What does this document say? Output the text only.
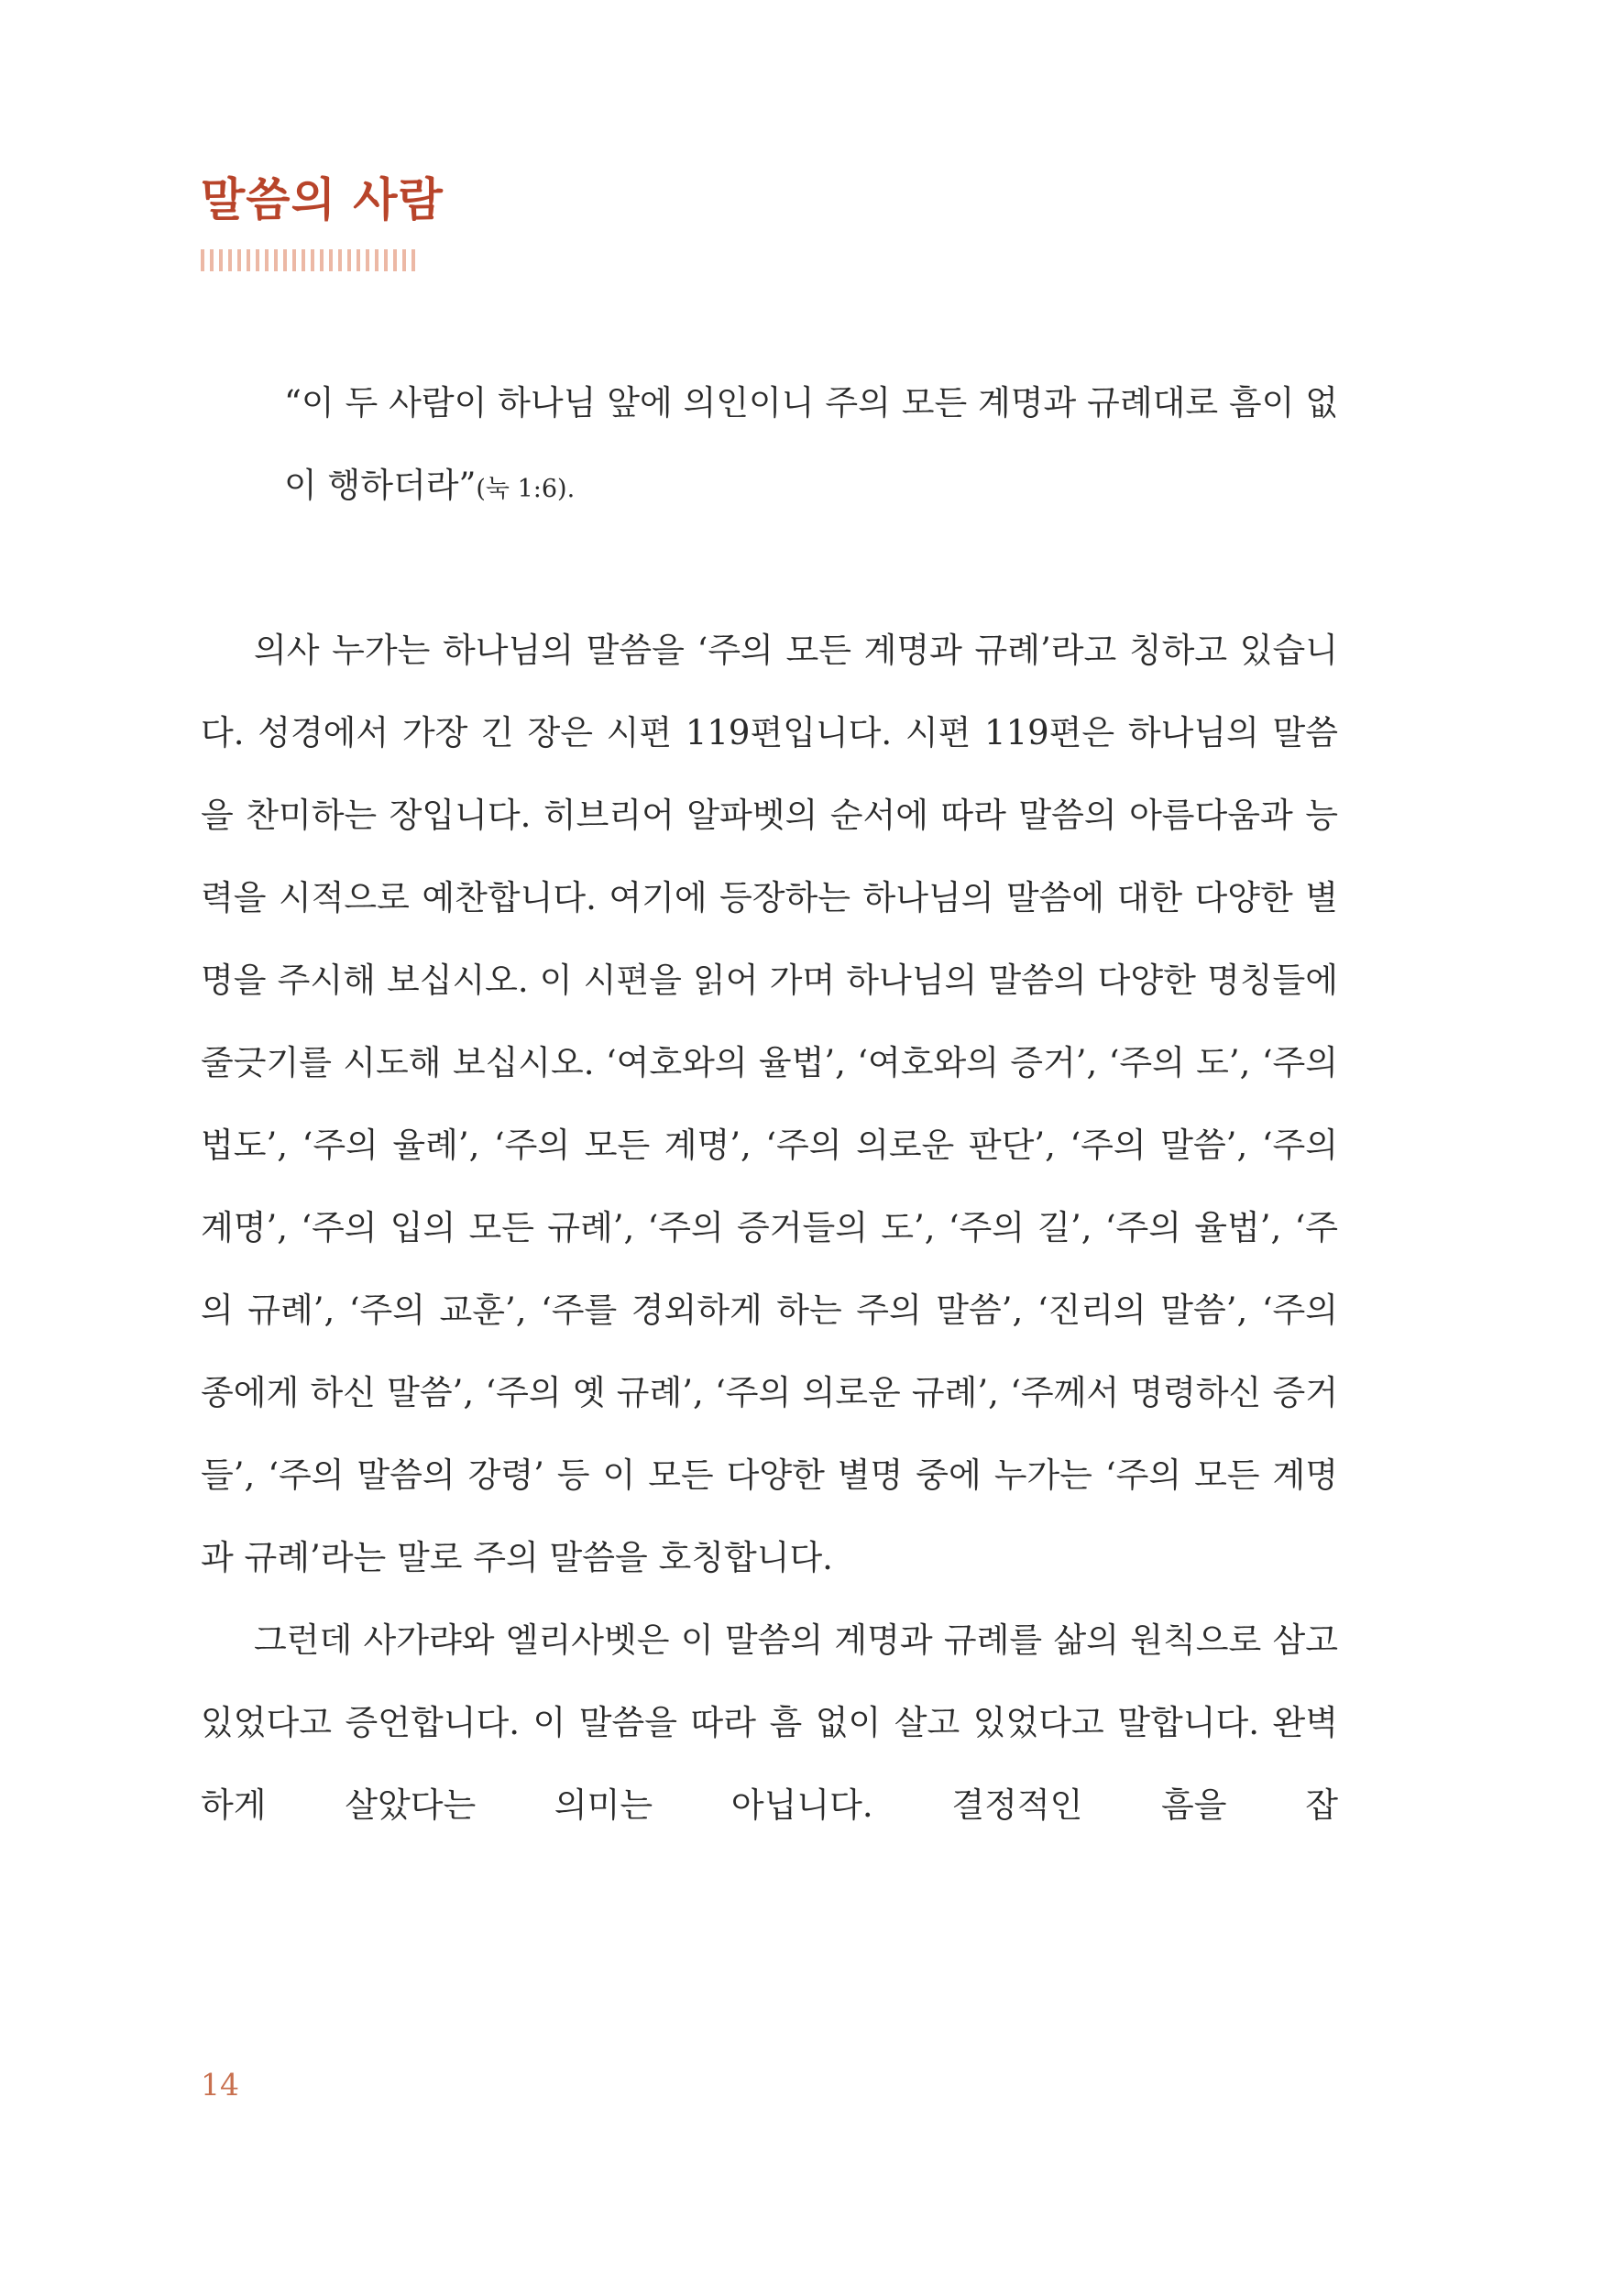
말씀의 사람

“이 두 사람이 하나님 앞에 의인이니 주의 모든 계명과 규례대로 흠이 없이 행하더라”(눅 1:6).

의사 누가는 하나님의 말씀을 ‘주의 모든 계명과 규례’라고 칭하고 있습니다. 성경에서 가장 긴 장은 시편 119편입니다. 시편 119편은 하나님의 말씀을 찬미하는 장입니다. 히브리어 알파벳의 순서에 따라 말씀의 아름다움과 능력을 시적으로 예찬합니다. 여기에 등장하는 하나님의 말씀에 대한 다양한 별명을 주시해 보십시오. 이 시편을 읽어 가며 하나님의 말씀의 다양한 명칭들에 줄긋기를 시도해 보십시오. ‘여호와의 율법’, ‘여호와의 증거’, ‘주의 도’, ‘주의 법도’, ‘주의 율례’, ‘주의 모든 계명’, ‘주의 의로운 판단’, ‘주의 말씀’, ‘주의 계명’, ‘주의 입의 모든 규례’, ‘주의 증거들의 도’, ‘주의 길’, ‘주의 율법’, ‘주의 규례’, ‘주의 교훈’, ‘주를 경외하게 하는 주의 말씀’, ‘진리의 말씀’, ‘주의 종에게 하신 말씀’, ‘주의 옛 규례’, ‘주의 의로운 규례’, ‘주께서 명령하신 증거들’, ‘주의 말씀의 강령’ 등 이 모든 다양한 별명 중에 누가는 ‘주의 모든 계명과 규례’라는 말로 주의 말씀을 호칭합니다.

그런데 사가랴와 엘리사벳은 이 말씀의 계명과 규례를 삶의 원칙으로 삼고 있었다고 증언합니다. 이 말씀을 따라 흠 없이 살고 있었다고 말합니다. 완벽하게 살았다는 의미는 아닙니다. 결정적인 흠을 잡

14
